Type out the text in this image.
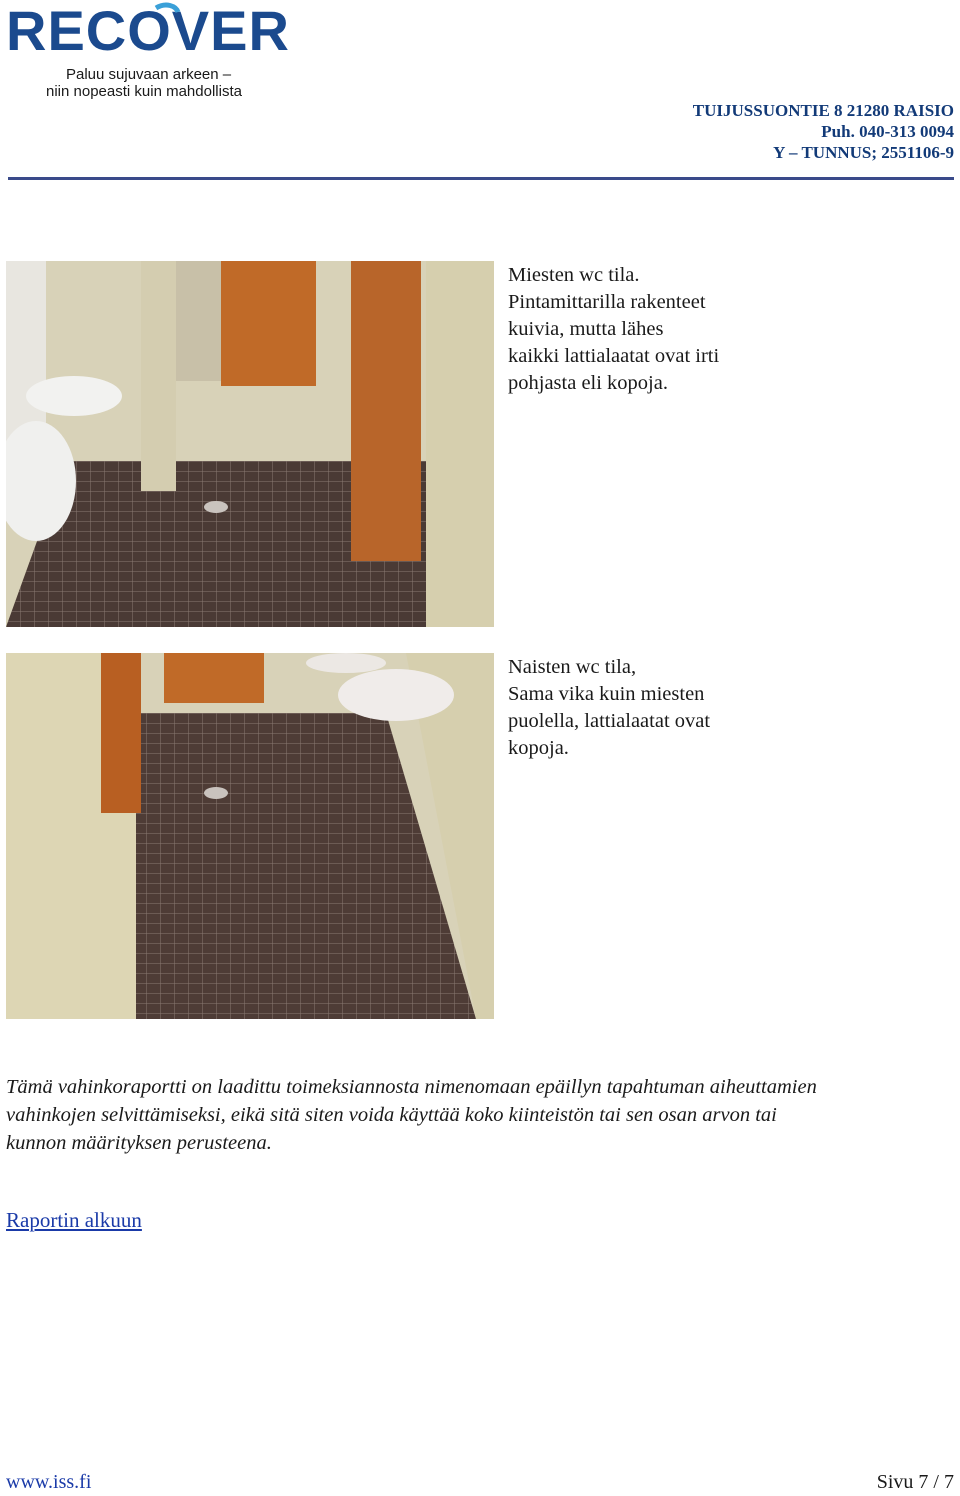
RECOVER
Paluu sujuvaan arkeen –
niin nopeasti kuin mahdollista
TUIJUSSUONTIE 8 21280 RAISIO
Puh. 040-313 0094
Y – TUNNUS; 2551106-9
Miesten wc tila.
Pintamittarilla rakenteet
kuivia, mutta lähes
kaikki lattialaatat ovat irti
pohjasta eli kopoja.
Naisten wc tila,
Sama vika kuin miesten
puolella, lattialaatat ovat
kopoja.
Tämä vahinkoraportti on laadittu toimeksiannosta nimenomaan epäillyn tapahtuman aiheuttamien
vahinkojen selvittämiseksi, eikä sitä siten voida käyttää koko kiinteistön tai sen osan arvon tai
kunnon määrityksen perusteena.
Raportin alkuun
www.iss.fi	Sivu 7 / 7
